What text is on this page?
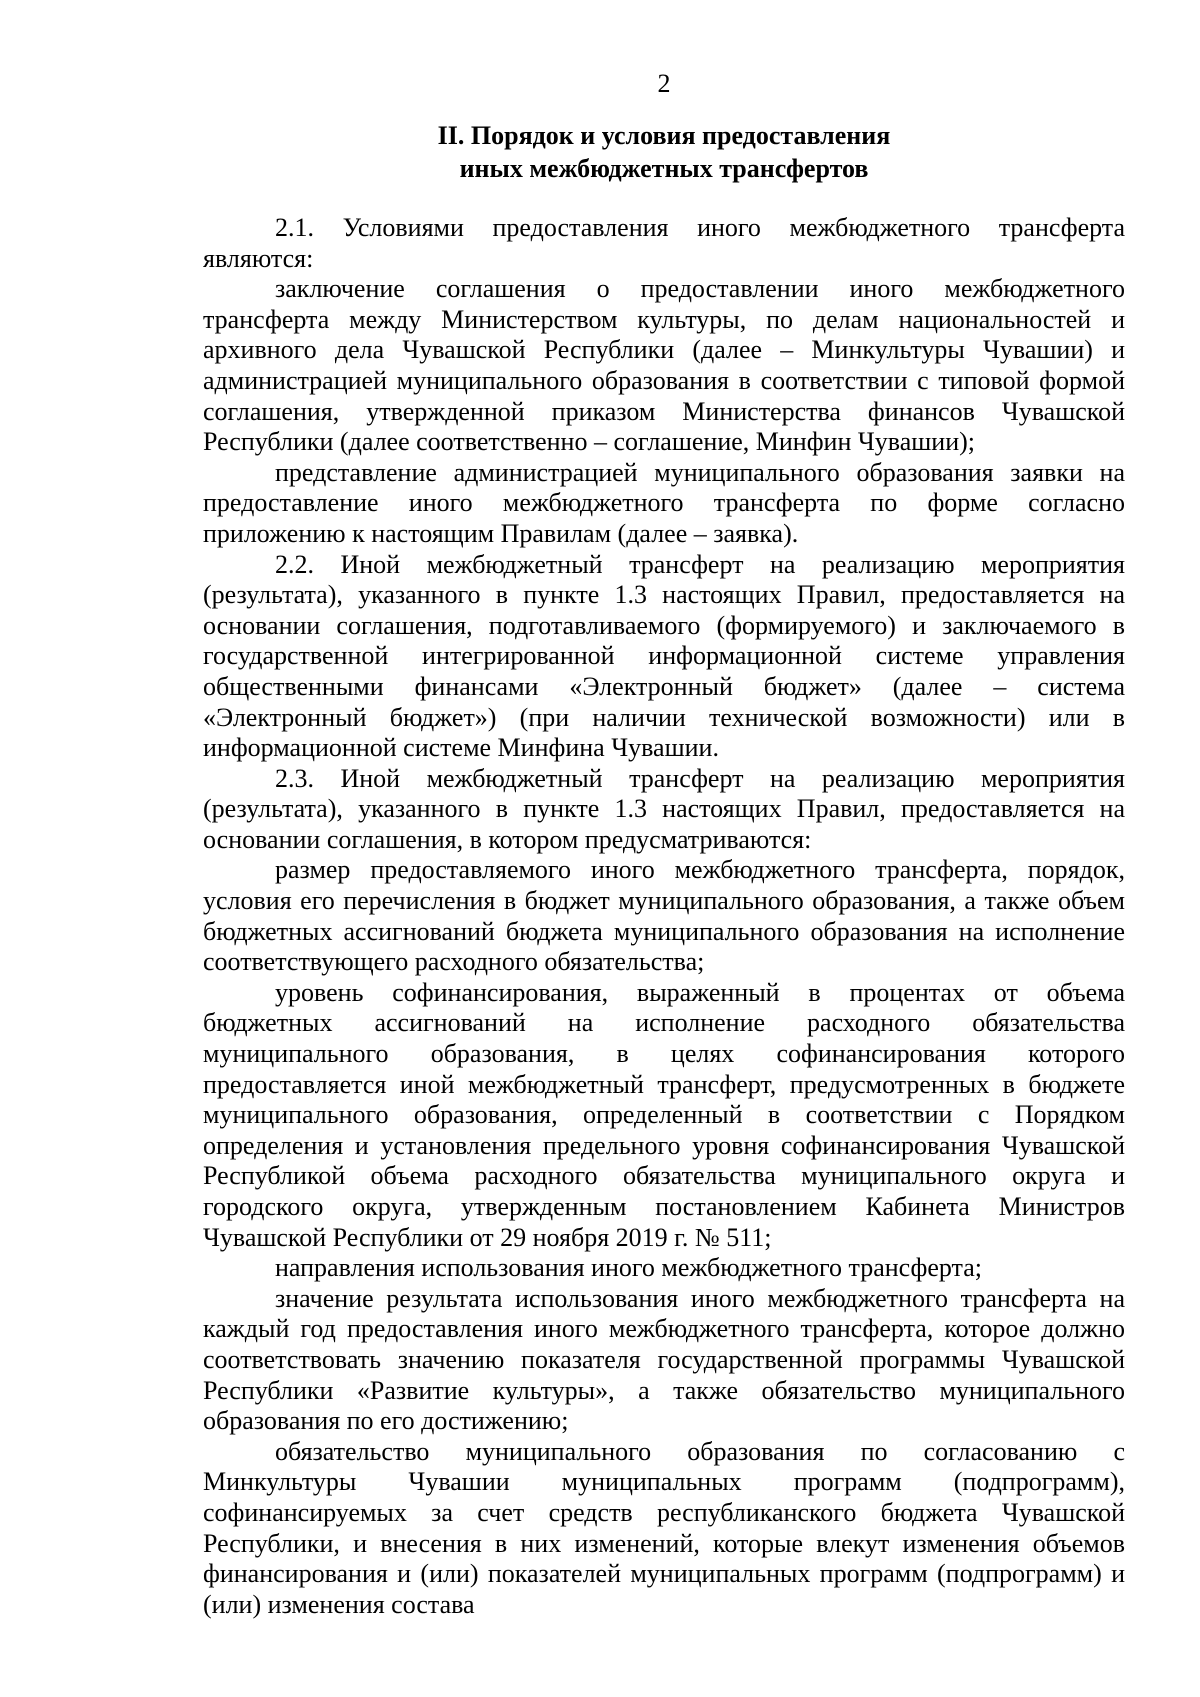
2
II. Порядок и условия предоставления
иных межбюджетных трансфертов

2.1. Условиями предоставления иного межбюджетного трансферта являются:

заключение соглашения о предоставлении иного межбюджетного трансферта между Министерством культуры, по делам национальностей и архивного дела Чувашской Республики (далее – Минкультуры Чувашии) и администрацией муниципального образования в соответствии с типовой формой соглашения, утвержденной приказом Министерства финансов Чувашской Республики (далее соответственно – соглашение, Минфин Чувашии);

представление администрацией муниципального образования заявки на предоставление иного межбюджетного трансферта по форме согласно приложению к настоящим Правилам (далее – заявка).

2.2. Иной межбюджетный трансферт на реализацию мероприятия (результата), указанного в пункте 1.3 настоящих Правил, предоставляется на основании соглашения, подготавливаемого (формируемого) и заключаемого в государственной интегрированной информационной системе управления общественными финансами «Электронный бюджет» (далее – система «Электронный бюджет») (при наличии технической возможности) или в информационной системе Минфина Чувашии.

2.3. Иной межбюджетный трансферт на реализацию мероприятия (результата), указанного в пункте 1.3 настоящих Правил, предоставляется на основании соглашения, в котором предусматриваются:

размер предоставляемого иного межбюджетного трансферта, порядок, условия его перечисления в бюджет муниципального образования, а также объем бюджетных ассигнований бюджета муниципального образования на исполнение соответствующего расходного обязательства;

уровень софинансирования, выраженный в процентах от объема бюджетных ассигнований на исполнение расходного обязательства муниципального образования, в целях софинансирования которого предоставляется иной межбюджетный трансферт, предусмотренных в бюджете муниципального образования, определенный в соответствии с Порядком определения и установления предельного уровня софинансирования Чувашской Республикой объема расходного обязательства муниципального округа и городского округа, утвержденным постановлением Кабинета Министров Чувашской Республики от 29 ноября 2019 г. № 511;

направления использования иного межбюджетного трансферта;

значение результата использования иного межбюджетного трансферта на каждый год предоставления иного межбюджетного трансферта, которое должно соответствовать значению показателя государственной программы Чувашской Республики «Развитие культуры», а также обязательство муниципального образования по его достижению;

обязательство муниципального образования по согласованию с Минкультуры Чувашии муниципальных программ (подпрограмм), софинансируемых за счет средств республиканского бюджета Чувашской Республики, и внесения в них изменений, которые влекут изменения объемов финансирования и (или) показателей муниципальных программ (подпрограмм) и (или) изменения состава
